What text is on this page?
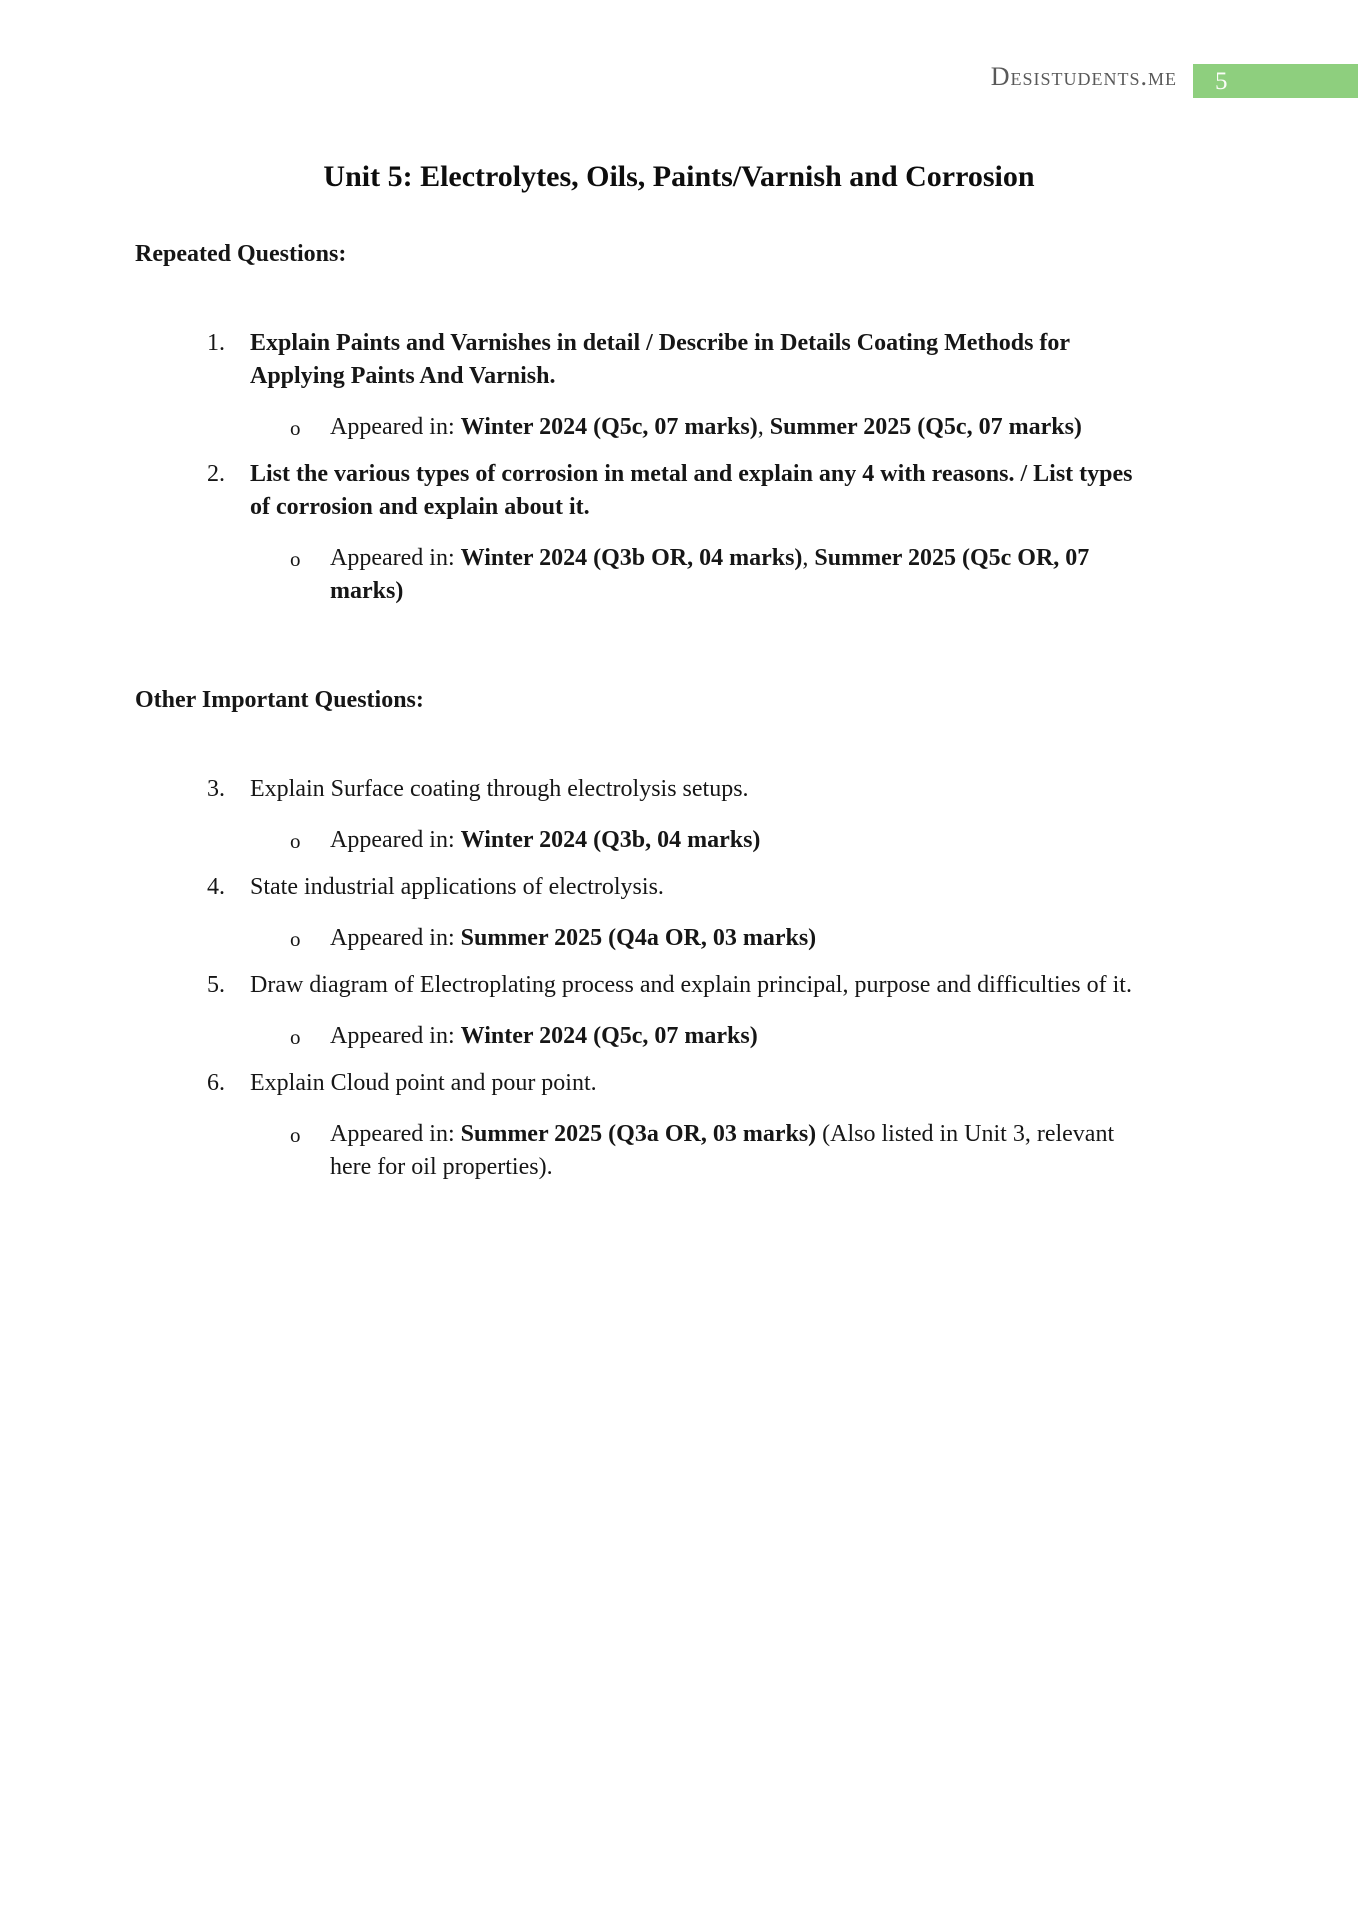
Desistudents.me	5
Unit 5: Electrolytes, Oils, Paints/Varnish and Corrosion
Repeated Questions:
1. Explain Paints and Varnishes in detail / Describe in Details Coating Methods for
Applying Paints And Varnish.
o Appeared in: Winter 2024 (Q5c, 07 marks), Summer 2025 (Q5c, 07 marks)
2. List the various types of corrosion in metal and explain any 4 with reasons. / List types
of corrosion and explain about it.
o Appeared in: Winter 2024 (Q3b OR, 04 marks), Summer 2025 (Q5c OR, 07
marks)
Other Important Questions:
3. Explain Surface coating through electrolysis setups.
o Appeared in: Winter 2024 (Q3b, 04 marks)
4. State industrial applications of electrolysis.
o Appeared in: Summer 2025 (Q4a OR, 03 marks)
5. Draw diagram of Electroplating process and explain principal, purpose and difficulties of it.
o Appeared in: Winter 2024 (Q5c, 07 marks)
6. Explain Cloud point and pour point.
o Appeared in: Summer 2025 (Q3a OR, 03 marks) (Also listed in Unit 3, relevant
here for oil properties).
